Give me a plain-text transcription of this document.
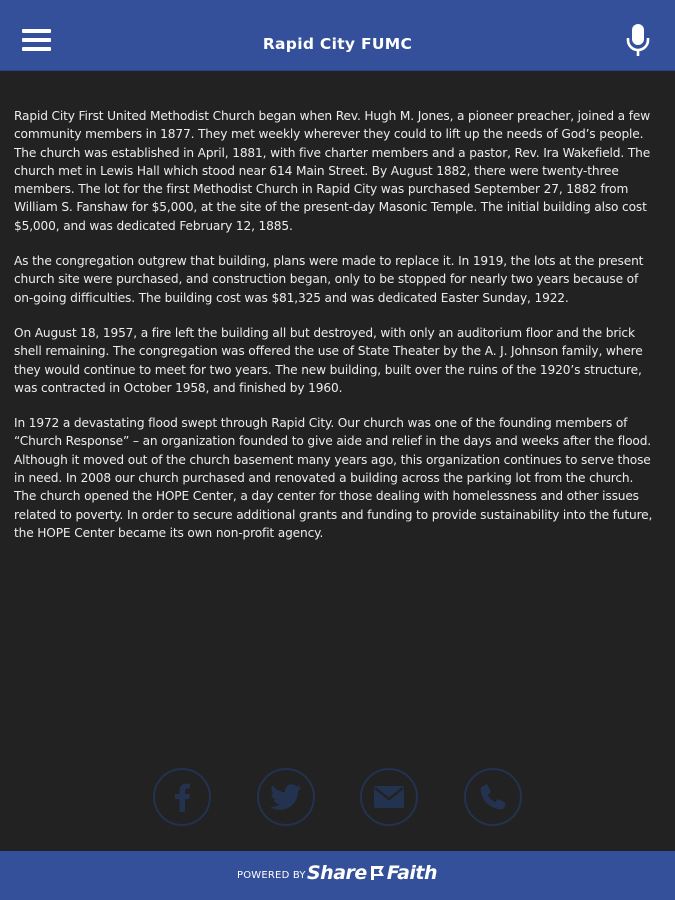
Rapid City FUMC

Rapid City First United Methodist Church began when Rev. Hugh M. Jones, a pioneer preacher, joined a few community members in 1877. They met weekly wherever they could to lift up the needs of God’s people. The church was established in April, 1881, with five charter members and a pastor, Rev. Ira Wakefield. The church met in Lewis Hall which stood near 614 Main Street. By August 1882, there were twenty-three members. The lot for the first Methodist Church in Rapid City was purchased September 27, 1882 from William S. Fanshaw for $5,000, at the site of the present-day Masonic Temple. The initial building also cost $5,000, and was dedicated February 12, 1885.

As the congregation outgrew that building, plans were made to replace it. In 1919, the lots at the present church site were purchased, and construction began, only to be stopped for nearly two years because of on-going difficulties. The building cost was $81,325 and was dedicated Easter Sunday, 1922.

On August 18, 1957, a fire left the building all but destroyed, with only an auditorium floor and the brick shell remaining. The congregation was offered the use of State Theater by the A. J. Johnson family, where they would continue to meet for two years. The new building, built over the ruins of the 1920’s structure, was contracted in October 1958, and finished by 1960.

In 1972 a devastating flood swept through Rapid City. Our church was one of the founding members of “Church Response” – an organization founded to give aide and relief in the days and weeks after the flood. Although it moved out of the church basement many years ago, this organization continues to serve those in need. In 2008 our church purchased and renovated a building across the parking lot from the church. The church opened the HOPE Center, a day center for those dealing with homelessness and other issues related to poverty. In order to secure additional grants and funding to provide sustainability into the future, the HOPE Center became its own non-profit agency.

POWERED BY Share Faith
